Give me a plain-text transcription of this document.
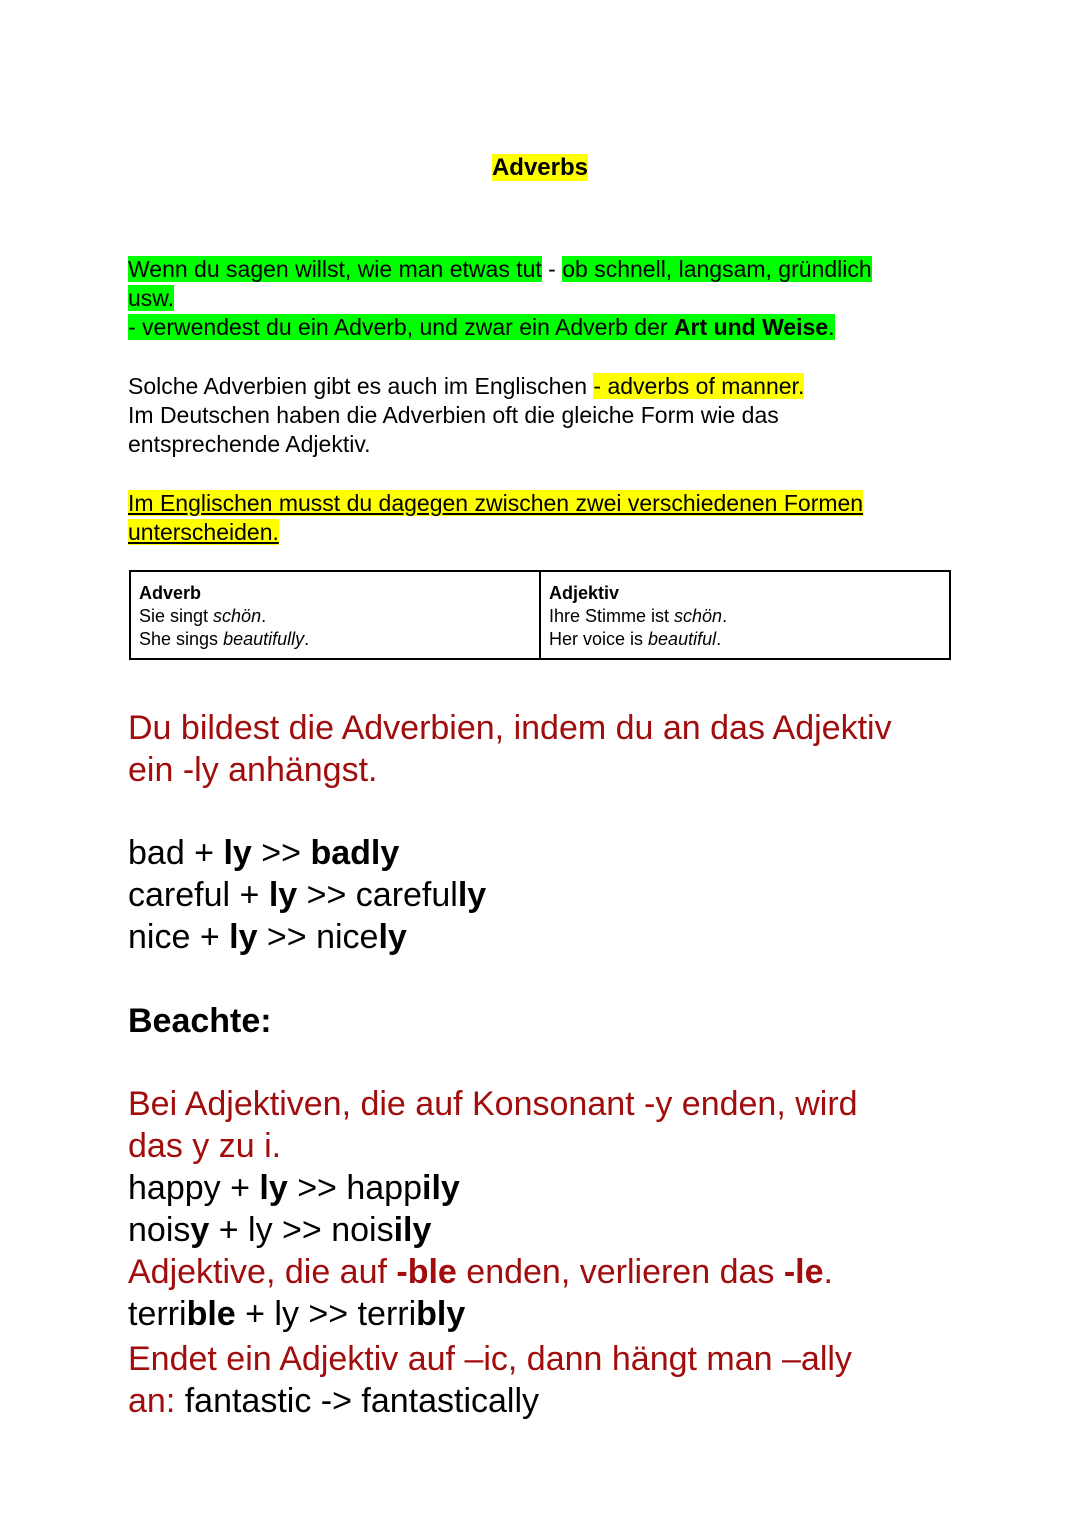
Adverbs
Wenn du sagen willst, wie man etwas tut - ob schnell, langsam, gründlich
usw.
- verwendest du ein Adverb, und zwar ein Adverb der Art und Weise.
Solche Adverbien gibt es auch im Englischen - adverbs of manner.
Im Deutschen haben die Adverbien oft die gleiche Form wie das
entsprechende Adjektiv.
Im Englischen musst du dagegen zwischen zwei verschiedenen Formen
unterscheiden.
Adverb
Sie singt schön.
She sings beautifully.

Adjektiv
Ihre Stimme ist schön.
Her voice is beautiful.
Du bildest die Adverbien, indem du an das Adjektiv
ein -ly anhängst.
bad + ly >> badly
careful + ly >> carefully
nice + ly >> nicely
Beachte:
Bei Adjektiven, die auf Konsonant -y enden, wird
das y zu i.
happy + ly >> happily
noisy + ly >> noisily
Adjektive, die auf -ble enden, verlieren das -le.
terrible + ly >> terribly
Endet ein Adjektiv auf –ic, dann hängt man –ally
an: fantastic -> fantastically
